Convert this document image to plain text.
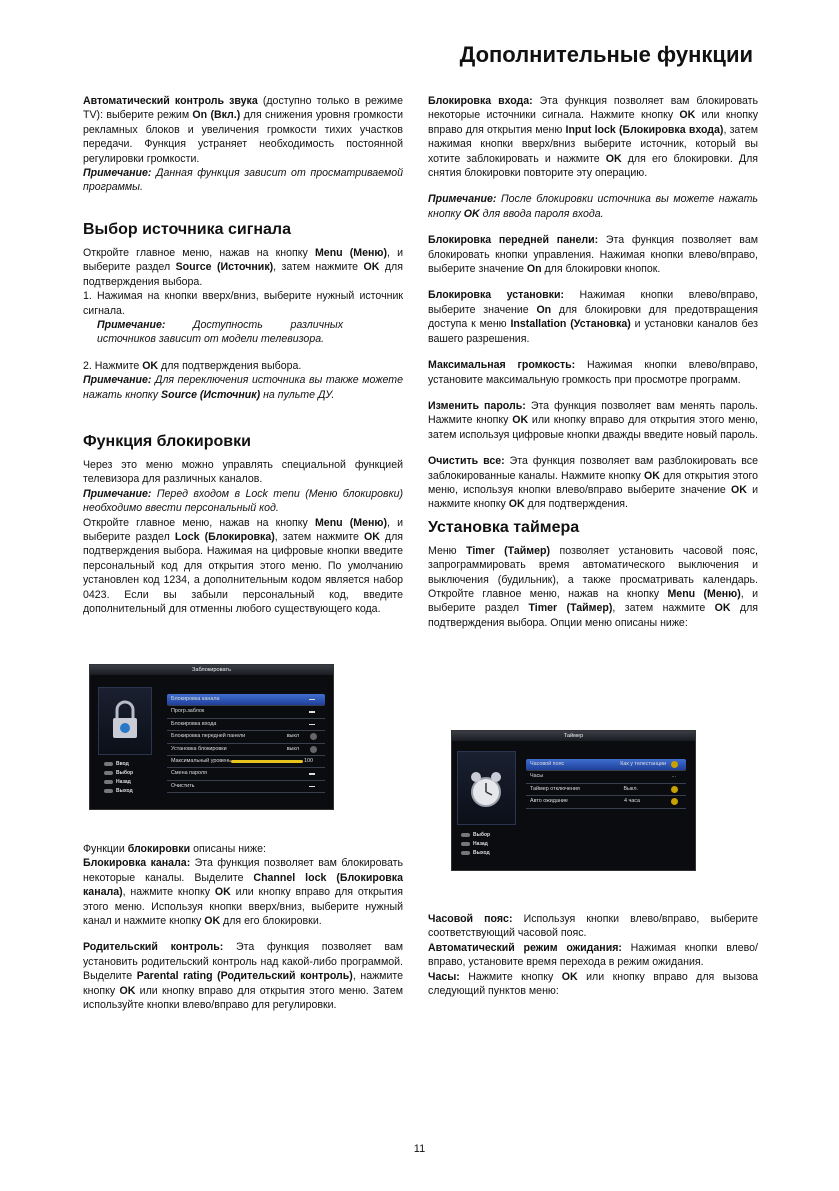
Дополнительные функции

Автоматический контроль звука (доступно только в режиме TV): выберите режим On (Вкл.) для снижения уровня громкости рекламных блоков и увеличения громкости тихих участков передачи. Функция устраняет необходимость постоянной регулировки громкости.
Примечание: Данная функция зависит от просматриваемой программы.

Выбор источника сигнала

Откройте главное меню, нажав на кнопку Menu (Меню), и выберите раздел Source (Источник), затем нажмите OK для подтверждения выбора.

1. Нажимая на кнопки вверх/вниз, выберите нужный источник сигнала.

Примечание: Доступность различных источников зависит от модели телевизора.

2. Нажмите OK для подтверждения выбора.

Примечание: Для переключения источника вы также можете нажать кнопку Source (Источник) на пульте ДУ.

Функция блокировки

Через это меню можно управлять специальной функцией телевизора для различных каналов.

Примечание: Перед входом в Lock menu (Меню блокировки) необходимо ввести персональный код.

Откройте главное меню, нажав на кнопку Menu (Меню), и выберите раздел Lock (Блокировка), затем нажмите OK для подтверждения выбора. Нажимая на цифровые кнопки введите персональный код для открытия этого меню. По умолчанию установлен код 1234, а дополнительным кодом является набор 0423. Если вы забыли персональный код, введите дополнительный для отменны любого существующего кода.

Заблокировать
Ввод
Выбор
Назад
Выход
Блокировка канала
Прогр.заблок
Блокировка входа
Блокировка передней панели	выкл
Установка блокировки	выкл
Максимальный уровень	100
Смена пароля
Очистить

Функции блокировки описаны ниже:

Блокировка канала: Эта функция позволяет вам блокировать некоторые каналы. Выделите Channel lock (Блокировка канала), нажмите кнопку OK или кнопку вправо для открытия этого меню. Используя кнопки вверх/вниз, выберите нужный канал и нажмите кнопку OK для его блокировки.

Родительский контроль: Эта функция позволяет вам установить родительский контроль над какой-либо программой. Выделите Parental rating (Родительский контроль), нажмите кнопку OK или кнопку вправо для открытия этого меню. Затем используйте кнопки влево/вправо для регулировки.

Блокировка входа: Эта функция позволяет вам блокировать некоторые источники сигнала. Нажмите кнопку OK или кнопку вправо для открытия меню Input lock (Блокировка входа), затем нажимая кнопки вверх/вниз выберите источник, который вы хотите заблокировать и нажмите OK для его блокировки. Для снятия блокировки повторите эту операцию.

Примечание: После блокировки источника вы можете нажать кнопку OK для ввода пароля входа.

Блокировка передней панели: Эта функция позволяет вам блокировать кнопки управления. Нажимая кнопки влево/вправо, выберите значение On для блокировки кнопок.

Блокировка установки: Нажимая кнопки влево/вправо, выберите значение On для блокировки для предотвращения доступа к меню Installation (Установка) и установки каналов без вашего разрешения.

Максимальная громкость: Нажимая кнопки влево/вправо, установите максимальную громкость при просмотре программ.

Изменить пароль: Эта функция позволяет вам менять пароль. Нажмите кнопку OK или кнопку вправо для открытия этого меню, затем используя цифровые кнопки дважды введите новый пароль.

Очистить все: Эта функция позволяет вам разблокировать все заблокированные каналы. Нажмите кнопку OK для открытия этого меню, используя кнопки влево/вправо выберите значение OK и нажмите кнопку OK для подтверждения.

Установка таймера

Меню Timer (Таймер) позволяет установить часовой пояс, запрограммировать время автоматического выключения и выключения (будильник), а также просматривать календарь. Откройте главное меню, нажав на кнопку Menu (Меню), и выберите раздел Timer (Таймер), затем нажмите OK для подтверждения выбора. Опции меню описаны ниже:

Таймер
Выбор
Назад
Выход
Часовой пояс	Как у телестанции
Часы	...
Таймер отключения	Выкл.
Авто ожидание	4 часа

Часовой пояс: Используя кнопки влево/вправо, выберите соответствующий часовой пояс.

Автоматический режим ожидания: Нажимая кнопки влево/вправо, установите время перехода в режим ожидания.

Часы: Нажмите кнопку OK или кнопку вправо для вызова следующий пунктов меню:

11
